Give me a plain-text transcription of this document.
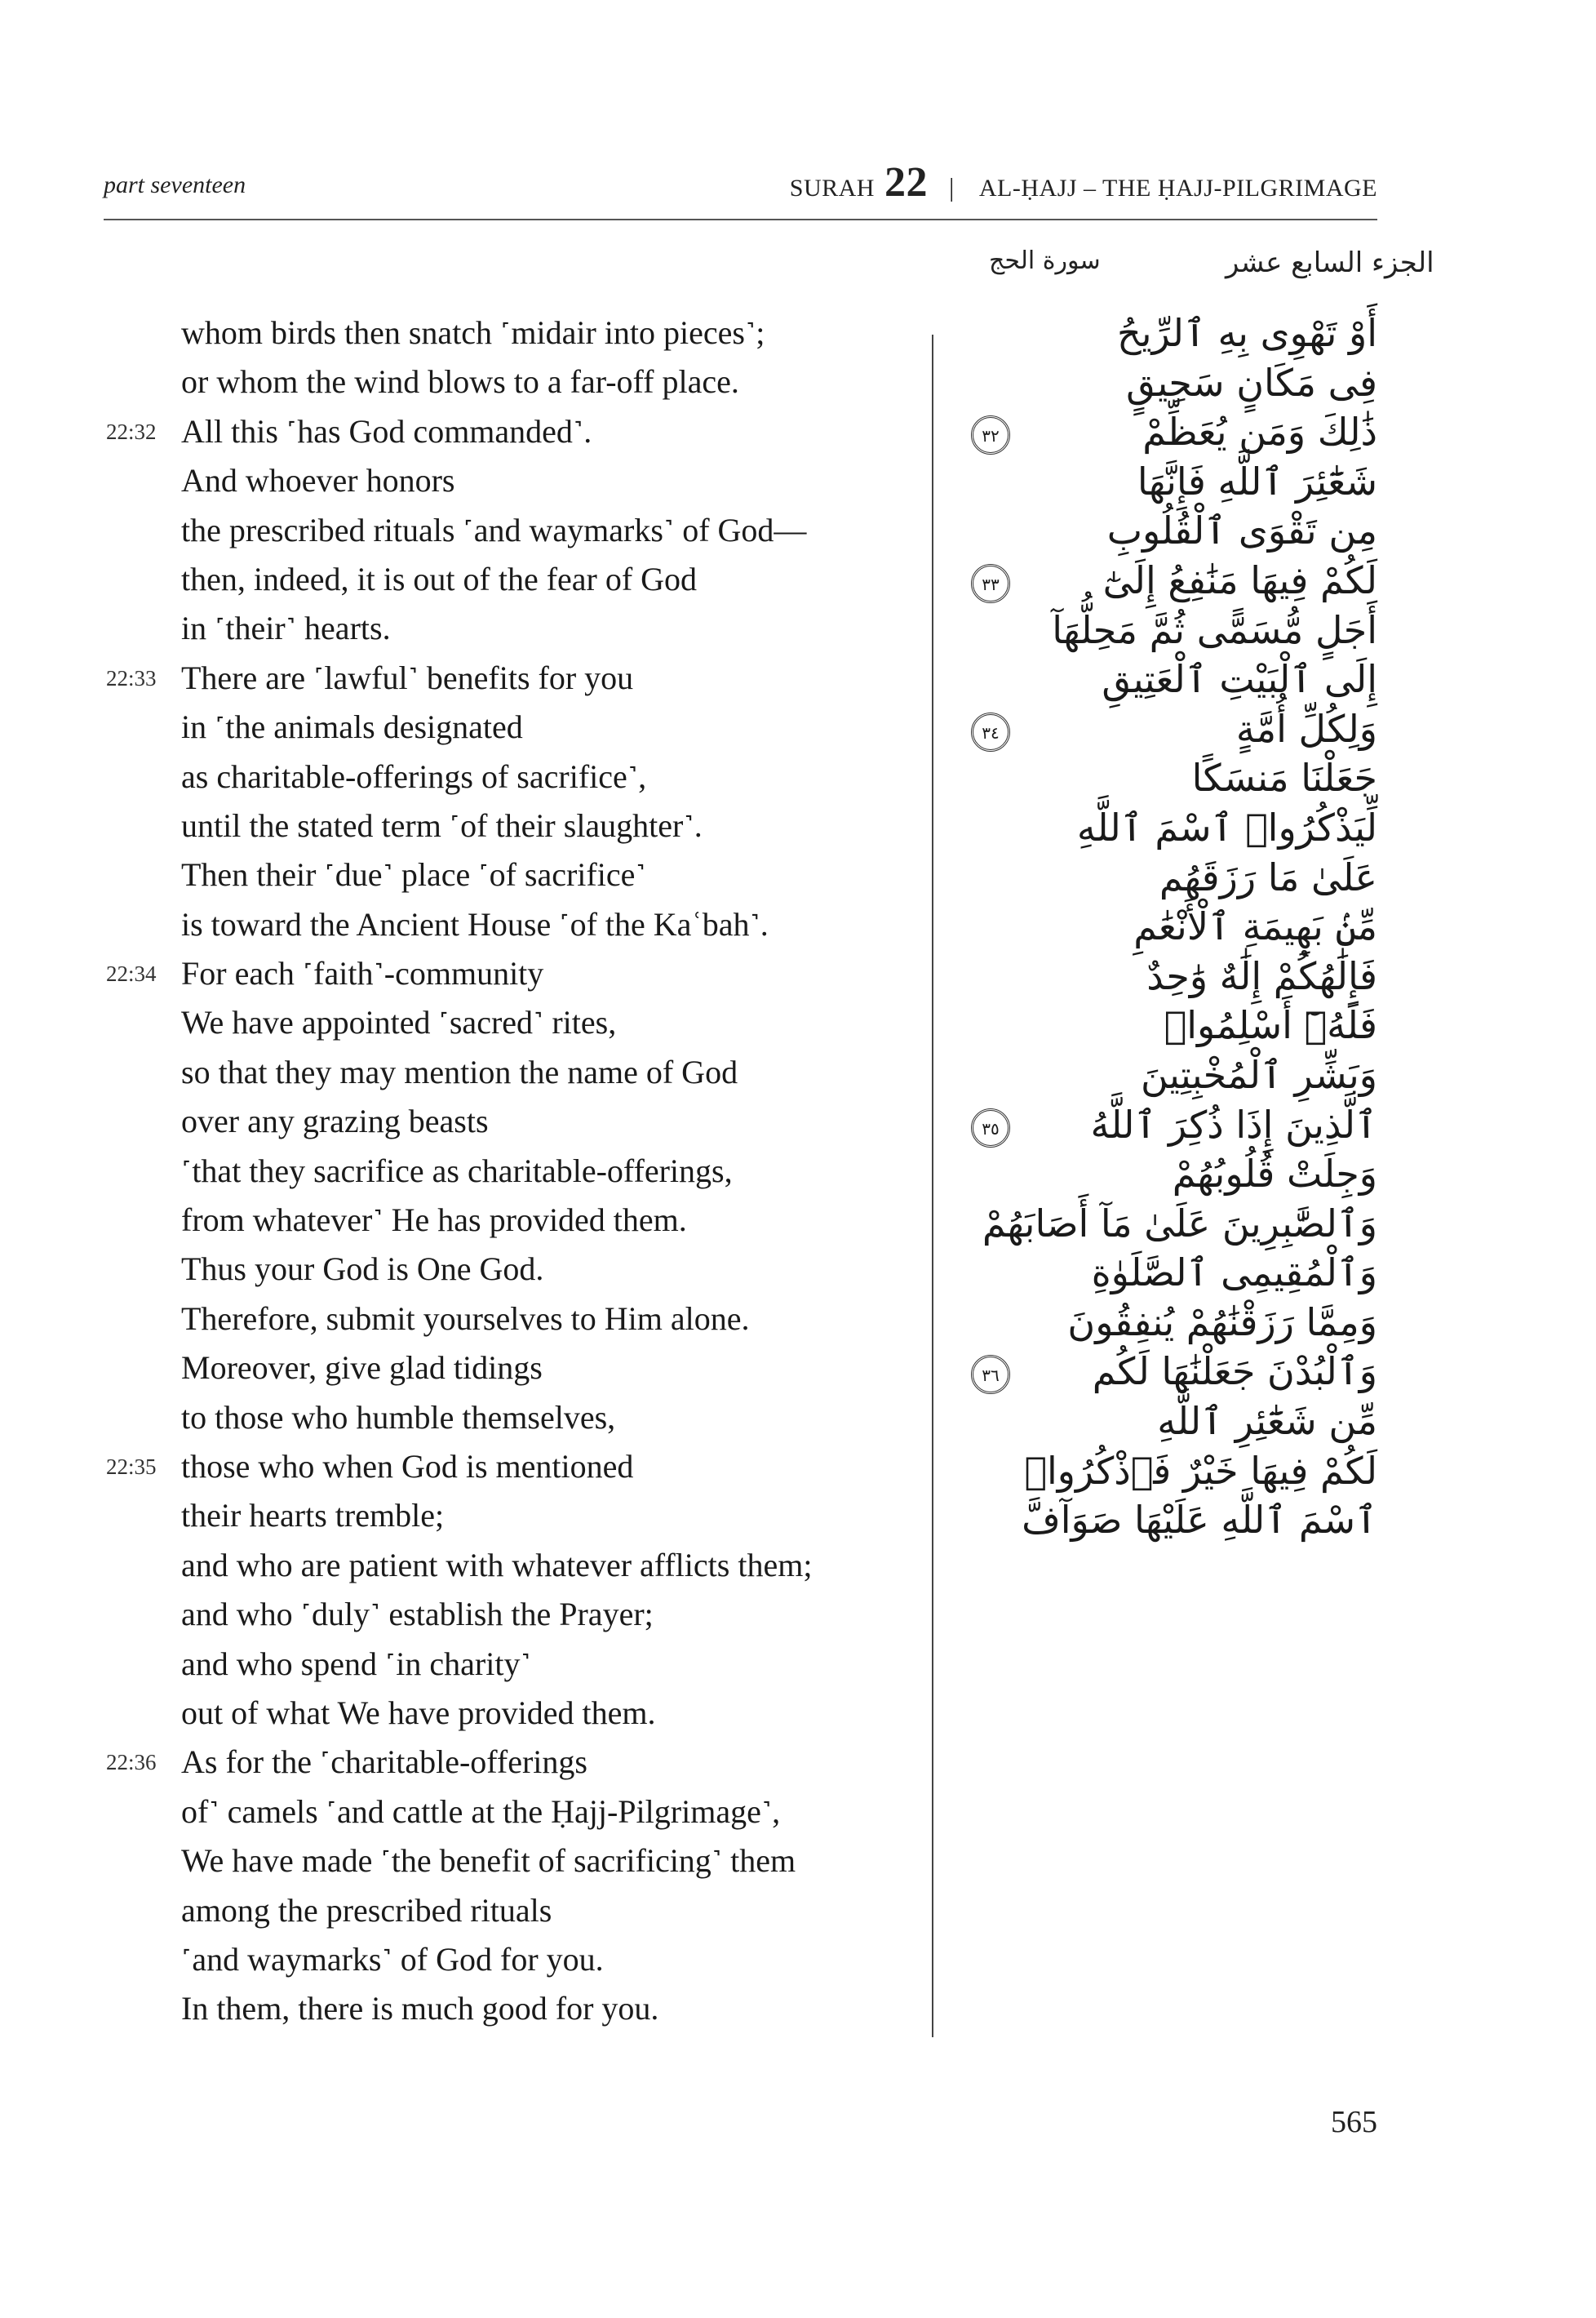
part seventeen	SURAH 22 | AL-ḤAJJ – THE ḤAJJ-PILGRIMAGE
الجزء السابع عشر
سورة الحج
whom birds then snatch ˹midair into pieces˺;
or whom the wind blows to a far-off place.
22:32 All this ˹has God commanded˺.
And whoever honors
the prescribed rituals ˹and waymarks˺ of God—
then, indeed, it is out of the fear of God
in ˹their˺ hearts.
22:33 There are ˹lawful˺ benefits for you
in ˹the animals designated
as charitable-offerings of sacrifice˺,
until the stated term ˹of their slaughter˺.
Then their ˹due˺ place ˹of sacrifice˺
is toward the Ancient House ˹of the Kaʿbah˺.
22:34 For each ˹faith˺-community
We have appointed ˹sacred˺ rites,
so that they may mention the name of God
over any grazing beasts
˹that they sacrifice as charitable-offerings,
from whatever˺ He has provided them.
Thus your God is One God.
Therefore, submit yourselves to Him alone.
Moreover, give glad tidings
to those who humble themselves,
22:35 those who when God is mentioned
their hearts tremble;
and who are patient with whatever afflicts them;
and who ˹duly˺ establish the Prayer;
and who spend ˹in charity˺
out of what We have provided them.
22:36 As for the ˹charitable-offerings
of˺ camels ˹and cattle at the Ḥajj-Pilgrimage˺,
We have made ˹the benefit of sacrificing˺ them
among the prescribed rituals
˹and waymarks˺ of God for you.
In them, there is much good for you.
أَوْ تَهْوِى بِهِ ٱلرِّيحُ
فِى مَكَانٍ سَحِيقٍ
ذَٰلِكَ وَمَن يُعَظِّمْ
٣٢
شَعَٰٓئِرَ ٱللَّهِ فَإِنَّهَا
مِن تَقْوَى ٱلْقُلُوبِ
لَكُمْ فِيهَا مَنَٰفِعُ إِلَىٰٓ
٣٣
أَجَلٍ مُّسَمًّى ثُمَّ مَحِلُّهَآ
إِلَى ٱلْبَيْتِ ٱلْعَتِيقِ
وَلِكُلِّ أُمَّةٍ
٣٤
جَعَلْنَا مَنسَكًا
لِّيَذْكُرُوا۟ ٱسْمَ ٱللَّهِ
عَلَىٰ مَا رَزَقَهُم
مِّنۢ بَهِيمَةِ ٱلْأَنْعَٰمِ
فَإِلَٰهُكُمْ إِلَٰهٌ وَٰحِدٌ
فَلَهُۥٓ أَسْلِمُوا۟
وَبَشِّرِ ٱلْمُخْبِتِينَ
ٱلَّذِينَ إِذَا ذُكِرَ ٱللَّهُ
٣٥
وَجِلَتْ قُلُوبُهُمْ
وَٱلصَّٰبِرِينَ عَلَىٰ مَآ أَصَابَهُمْ
وَٱلْمُقِيمِى ٱلصَّلَوٰةِ
وَمِمَّا رَزَقْنَٰهُمْ يُنفِقُونَ
وَٱلْبُدْنَ جَعَلْنَٰهَا لَكُم
٣٦
مِّن شَعَٰٓئِرِ ٱللَّهِ
لَكُمْ فِيهَا خَيْرٌ فَٱذْكُرُوا۟
ٱسْمَ ٱللَّهِ عَلَيْهَا صَوَآفَّ
565
